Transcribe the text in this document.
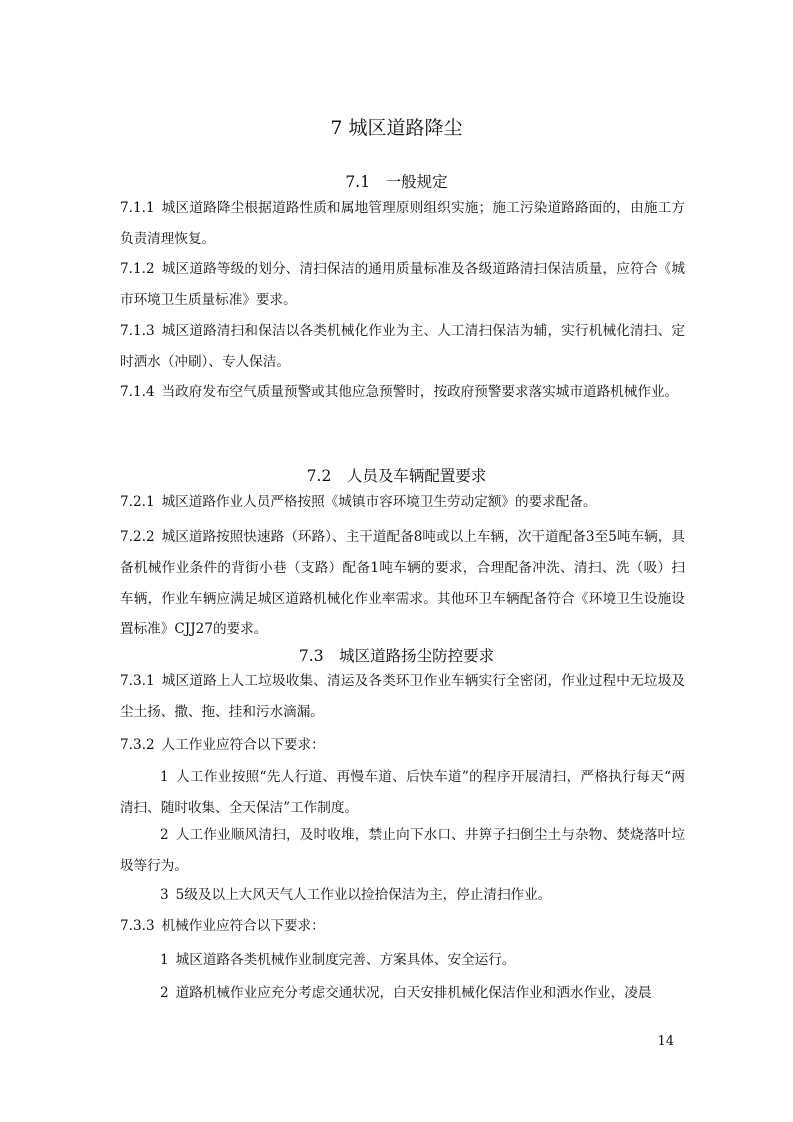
7 城区道路降尘
7.1　一般规定
7.1.1 城区道路降尘根据道路性质和属地管理原则组织实施；施工污染道路路面的，由施工方负责清理恢复。
7.1.2 城区道路等级的划分、清扫保洁的通用质量标准及各级道路清扫保洁质量，应符合《城市环境卫生质量标准》要求。
7.1.3 城区道路清扫和保洁以各类机械化作业为主、人工清扫保洁为辅，实行机械化清扫、定时洒水（冲刷）、专人保洁。
7.1.4 当政府发布空气质量预警或其他应急预警时，按政府预警要求落实城市道路机械作业。
7.2　人员及车辆配置要求
7.2.1 城区道路作业人员严格按照《城镇市容环境卫生劳动定额》的要求配备。
7.2.2 城区道路按照快速路（环路）、主干道配备8吨或以上车辆，次干道配备3至5吨车辆，具备机械作业条件的背街小巷（支路）配备1吨车辆的要求，合理配备冲洗、清扫、洗（吸）扫车辆，作业车辆应满足城区道路机械化作业率需求。其他环卫车辆配备符合《环境卫生设施设置标准》CJJ27的要求。
7.3　城区道路扬尘防控要求
7.3.1 城区道路上人工垃圾收集、清运及各类环卫作业车辆实行全密闭，作业过程中无垃圾及尘土扬、撒、拖、挂和污水滴漏。
7.3.2 人工作业应符合以下要求：
1 人工作业按照“先人行道、再慢车道、后快车道”的程序开展清扫，严格执行每天“两清扫、随时收集、全天保洁”工作制度。
2 人工作业顺风清扫，及时收堆，禁止向下水口、井箅子扫倒尘土与杂物、焚烧落叶垃圾等行为。
3 5级及以上大风天气人工作业以捡拾保洁为主，停止清扫作业。
7.3.3 机械作业应符合以下要求：
1 城区道路各类机械作业制度完善、方案具体、安全运行。
2 道路机械作业应充分考虑交通状况，白天安排机械化保洁作业和洒水作业，凌晨
14
